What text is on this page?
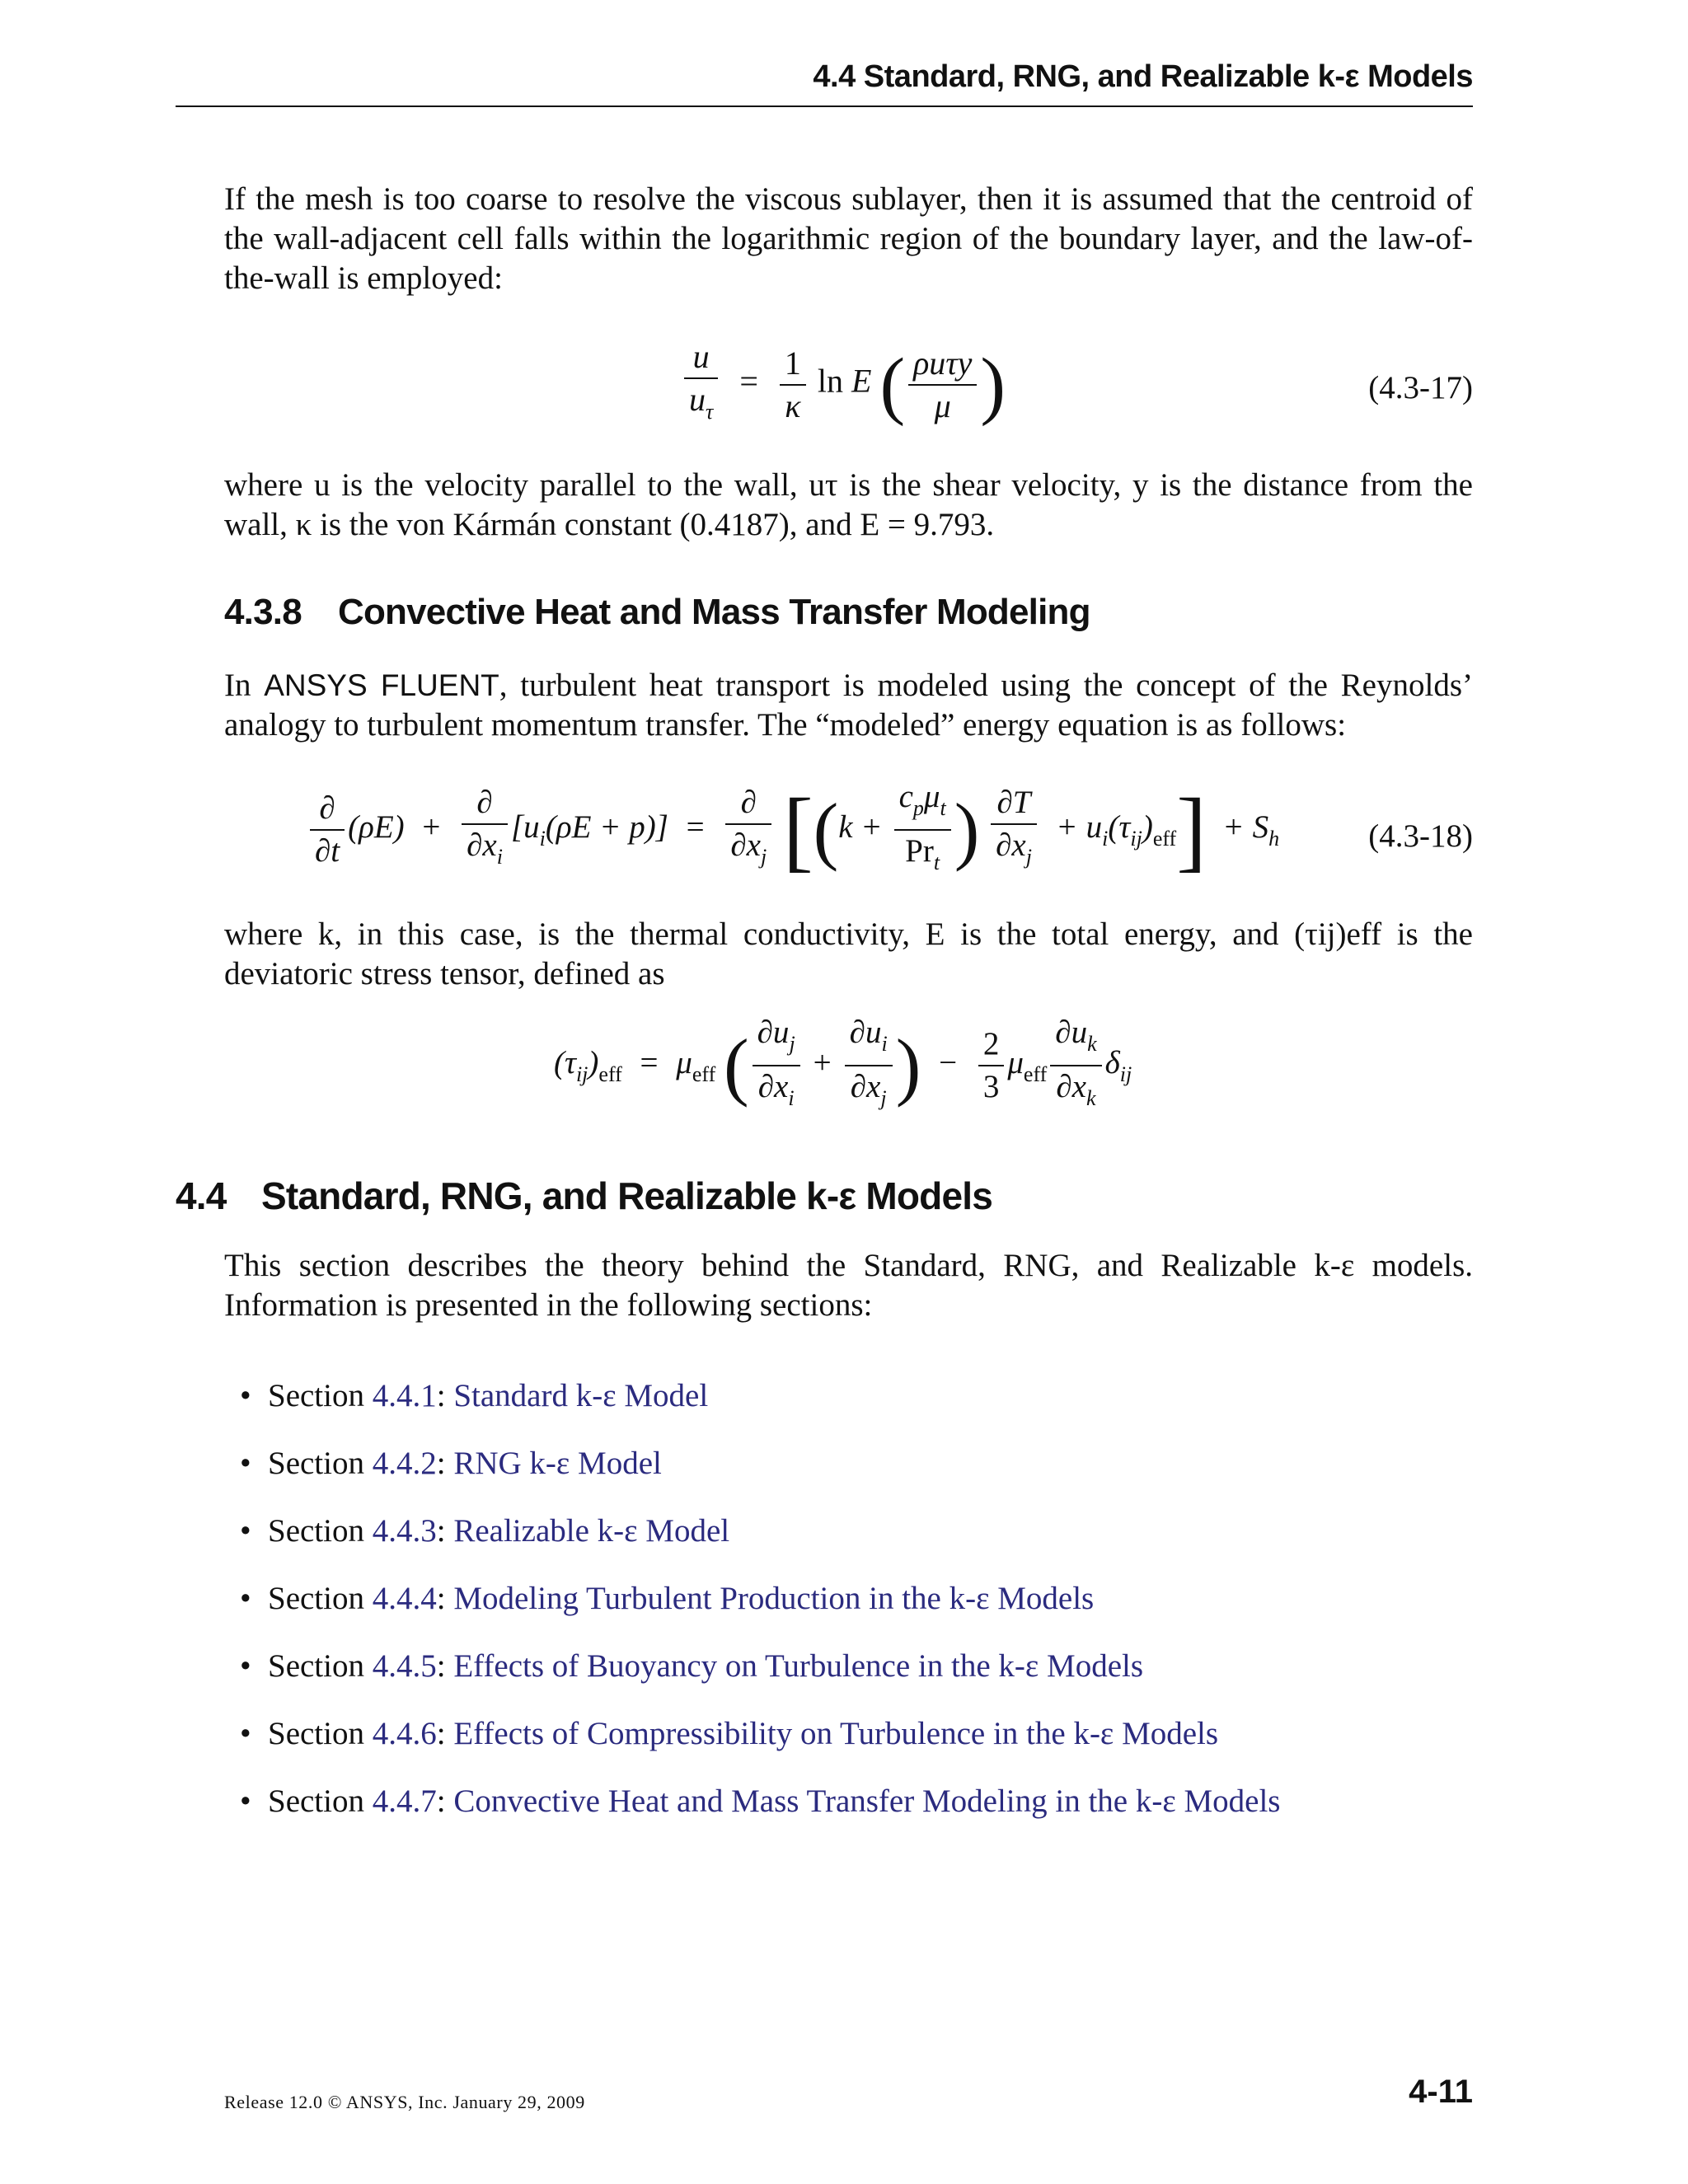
4.4 Standard, RNG, and Realizable k-ε Models
If the mesh is too coarse to resolve the viscous sublayer, then it is assumed that the centroid of the wall-adjacent cell falls within the logarithmic region of the boundary layer, and the law-of-the-wall is employed:
$\frac{u}{u_\tau} = \frac{1}{\kappa}$ ln E ( $\frac{\text{ρuτy}}{\mu}$ )	(4.3-17)
where u is the velocity parallel to the wall, uτ is the shear velocity, y is the distance from the wall, κ is the von Kármán constant (0.4187), and E = 9.793.
4.3.8 Convective Heat and Mass Transfer Modeling
In ANSYS FLUENT, turbulent heat transport is modeled using the concept of the Reynolds’ analogy to turbulent momentum transfer. The “modeled” energy equation is as follows:
$\frac{\partial}{\partial t} (\rho E) + \frac{\partial}{\partial x_i} [u_i(\rho E + p)] = \frac{\partial}{\partial x_j} [(k + \frac{c_p\mu_t}{Pr_t}$ ) $\frac{\partial T}{\partial x_j} + u_i(\tau_{ij})_{eff}] + S_h$	(4.3-18)
where k, in this case, is the thermal conductivity, E is the total energy, and (τij)eff is the deviatoric stress tensor, defined as
$(\tau_{ij})_{eff} = \mu_{eff}$ ( $\frac{\partial u_j}{\partial x_i} + \frac{\partial u_i}{\partial x_j}$ ) − $\frac{2}{3} \mu_{eff} \frac{\partial u_k}{\partial x_k} \delta_{ij}$
4.4 Standard, RNG, and Realizable k-ε Models
This section describes the theory behind the Standard, RNG, and Realizable k-ε models. Information is presented in the following sections:
• Section 4.4.1: Standard k-ε Model
• Section 4.4.2: RNG k-ε Model
• Section 4.4.3: Realizable k-ε Model
• Section 4.4.4: Modeling Turbulent Production in the k-ε Models
• Section 4.4.5: Effects of Buoyancy on Turbulence in the k-ε Models
• Section 4.4.6: Effects of Compressibility on Turbulence in the k-ε Models
• Section 4.4.7: Convective Heat and Mass Transfer Modeling in the k-ε Models
Release 12.0 © ANSYS, Inc. January 29, 2009	4-11
